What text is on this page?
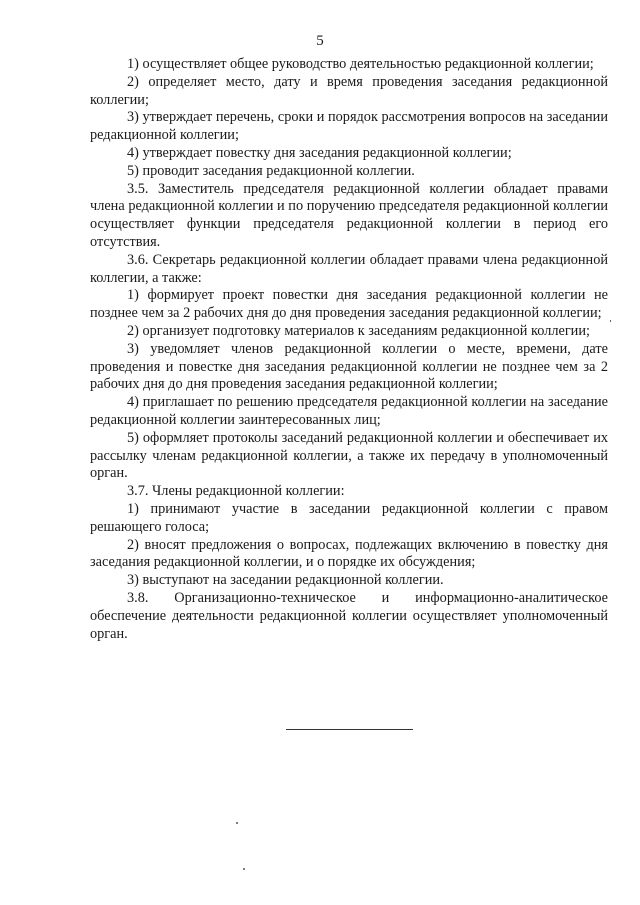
5

1) осуществляет общее руководство деятельностью редакционной коллегии;

2) определяет место, дату и время проведения заседания редакционной коллегии;

3) утверждает перечень, сроки и порядок рассмотрения вопросов на заседании редакционной коллегии;

4) утверждает повестку дня заседания редакционной коллегии;

5) проводит заседания редакционной коллегии.

3.5. Заместитель председателя редакционной коллегии обладает правами члена редакционной коллегии и по поручению председателя редакционной коллегии осуществляет функции председателя редакционной коллегии в период его отсутствия.

3.6. Секретарь редакционной коллегии обладает правами члена редакционной коллегии, а также:

1) формирует проект повестки дня заседания редакционной коллегии не позднее чем за 2 рабочих дня до дня проведения заседания редакционной коллегии;

2) организует подготовку материалов к заседаниям редакционной коллегии;

3) уведомляет членов редакционной коллегии о месте, времени, дате проведения и повестке дня заседания редакционной коллегии не позднее чем за 2 рабочих дня до дня проведения заседания редакционной коллегии;

4) приглашает по решению председателя редакционной коллегии на заседание редакционной коллегии заинтересованных лиц;

5) оформляет протоколы заседаний редакционной коллегии и обеспечивает их рассылку членам редакционной коллегии, а также их передачу в уполномоченный орган.

3.7. Члены редакционной коллегии:

1) принимают участие в заседании редакционной коллегии с правом решающего голоса;

2) вносят предложения о вопросах, подлежащих включению в повестку дня заседания редакционной коллегии, и о порядке их обсуждения;

3) выступают на заседании редакционной коллегии.

3.8. Организационно-техническое и информационно-аналитическое обеспечение деятельности редакционной коллегии осуществляет уполномоченный орган.
